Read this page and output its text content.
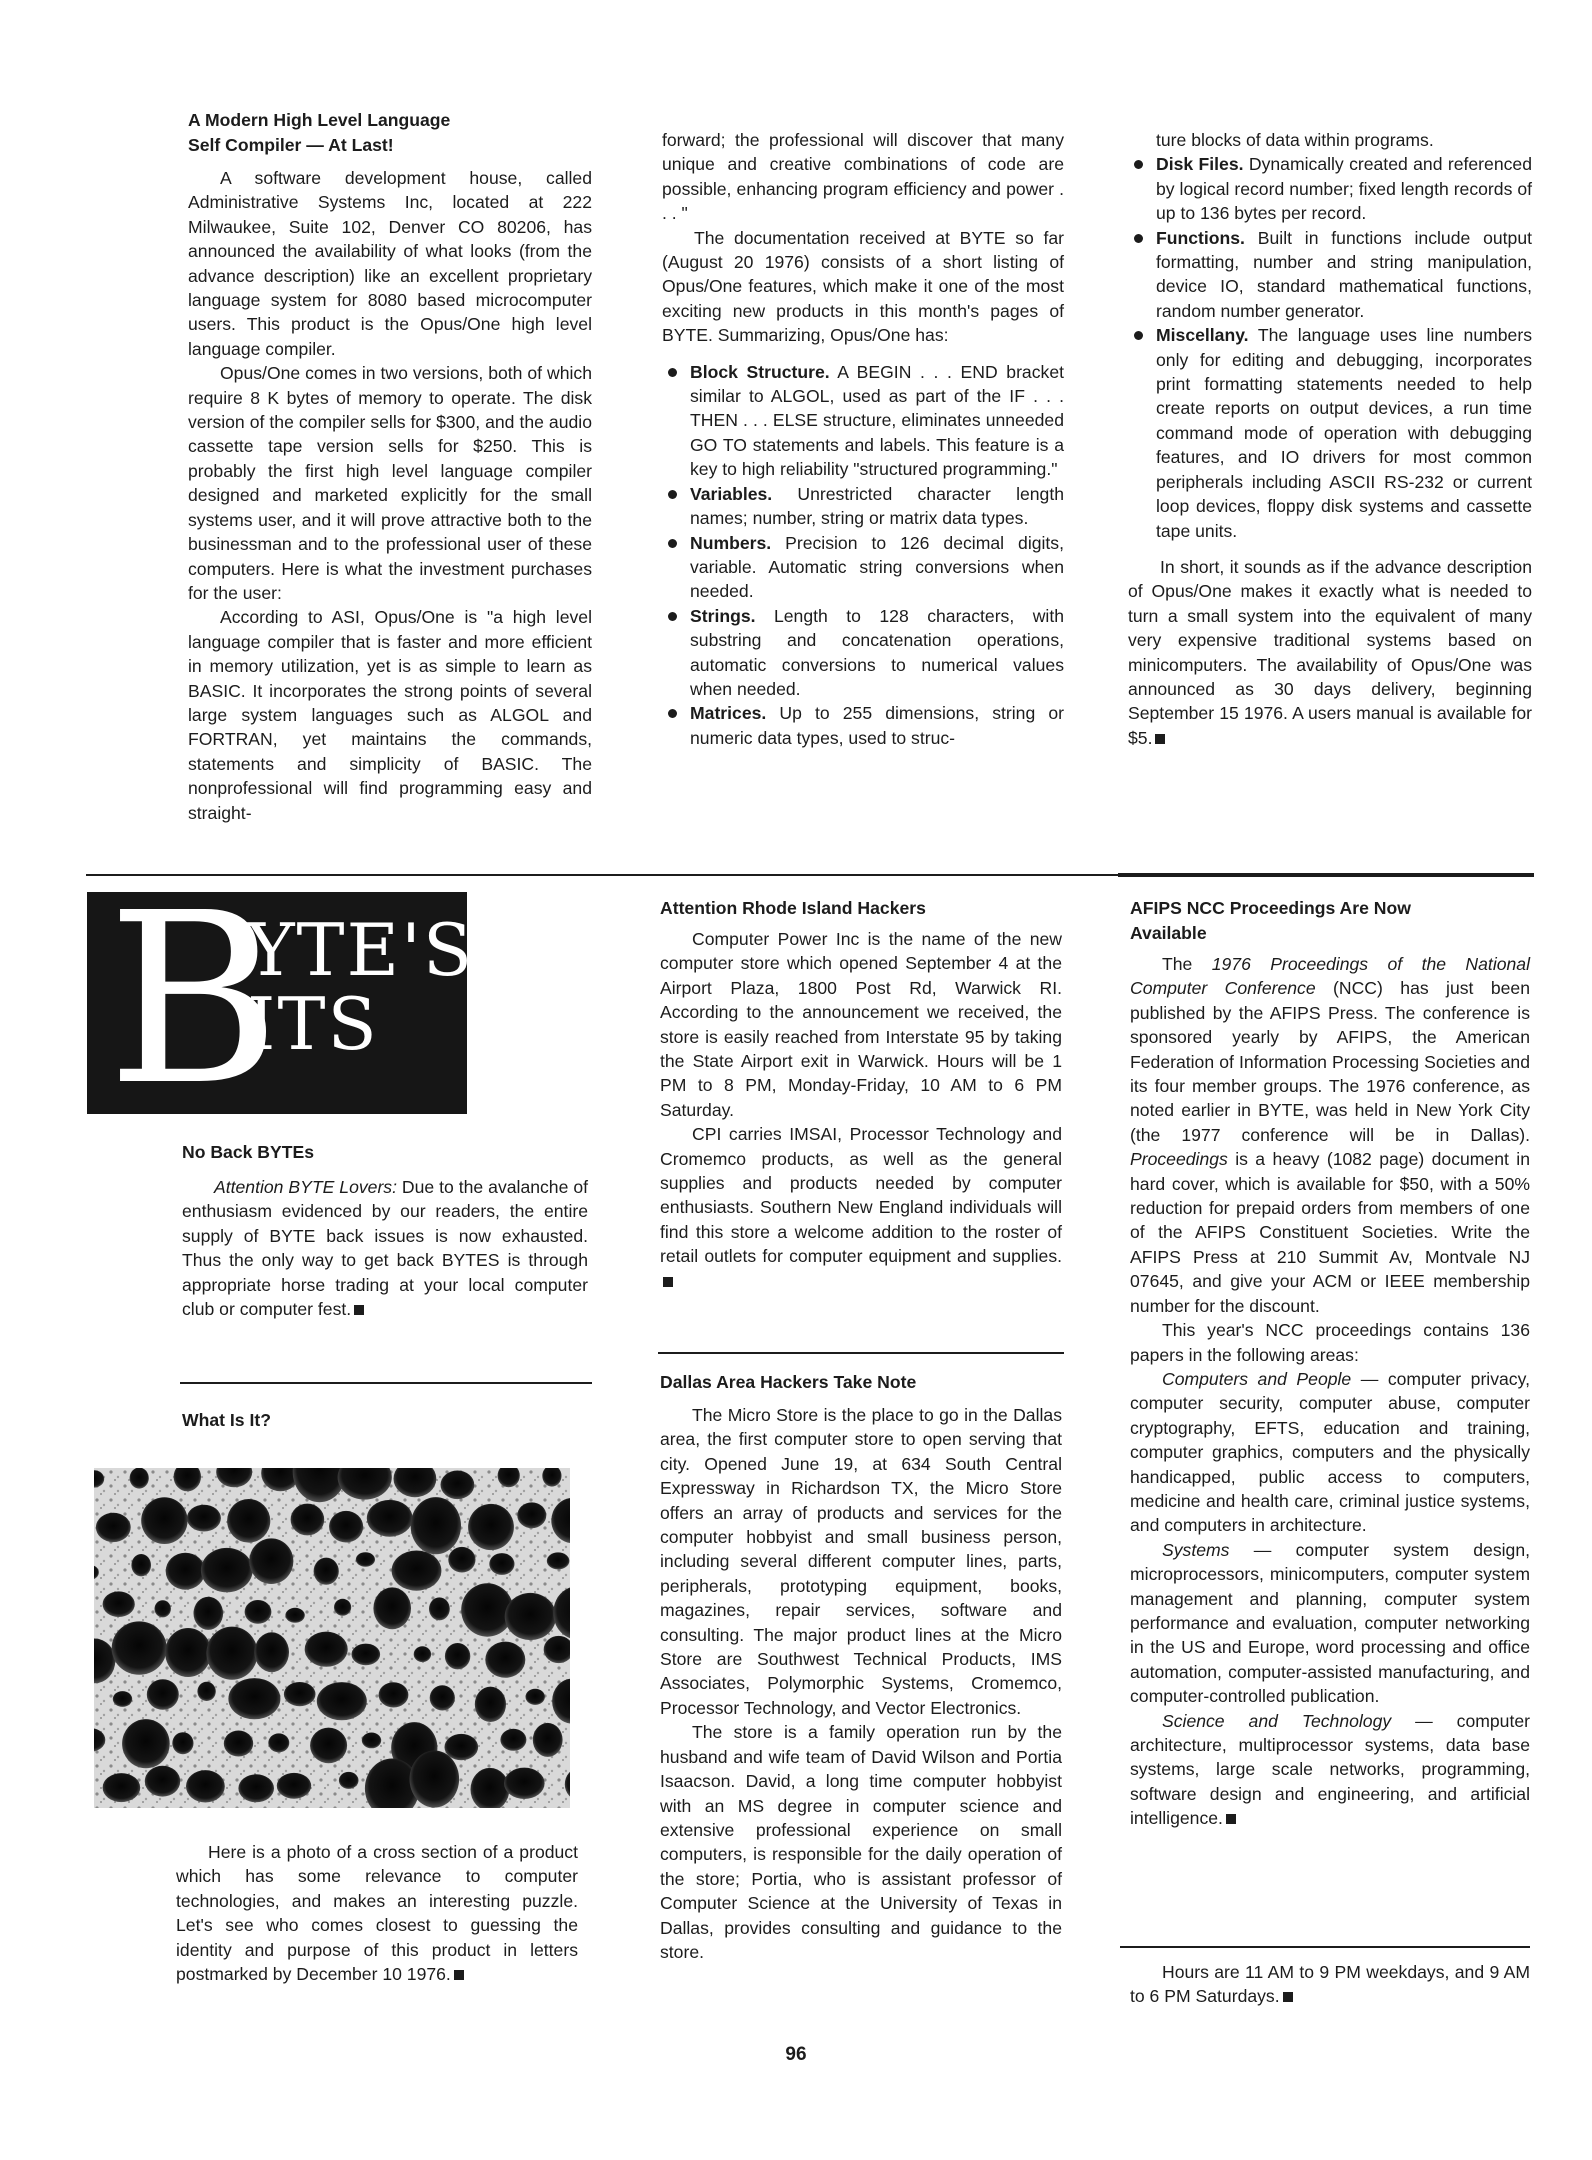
A Modern High Level Language
Self Compiler — At Last!

A software development house, called Administrative Systems Inc, located at 222 Milwaukee, Suite 102, Denver CO 80206, has announced the availability of what looks (from the advance description) like an excellent proprietary language system for 8080 based microcomputer users. This product is the Opus/One high level language compiler.

Opus/One comes in two versions, both of which require 8 K bytes of memory to operate. The disk version of the compiler sells for $300, and the audio cassette tape version sells for $250. This is probably the first high level language compiler designed and marketed explicitly for the small systems user, and it will prove attractive both to the businessman and to the professional user of these computers. Here is what the investment purchases for the user:

According to ASI, Opus/One is "a high level language compiler that is faster and more efficient in memory utilization, yet is as simple to learn as BASIC. It incorporates the strong points of several large system languages such as ALGOL and FORTRAN, yet maintains the commands, statements and simplicity of BASIC. The nonprofessional will find programming easy and straight-

forward; the professional will discover that many unique and creative combinations of code are possible, enhancing program efficiency and power . . . "

The documentation received at BYTE so far (August 20 1976) consists of a short listing of Opus/One features, which make it one of the most exciting new products in this month's pages of BYTE. Summarizing, Opus/One has:

Block Structure. A BEGIN . . . END bracket similar to ALGOL, used as part of the IF . . . THEN . . . ELSE structure, eliminates unneeded GO TO statements and labels. This feature is a key to high reliability "structured programming."
Variables. Unrestricted character length names; number, string or matrix data types.
Numbers. Precision to 126 decimal digits, variable. Automatic string conversions when needed.
Strings. Length to 128 characters, with substring and concatenation operations, automatic conversions to numerical values when needed.
Matrices. Up to 255 dimensions, string or numeric data types, used to struc-

ture blocks of data within programs.

Disk Files. Dynamically created and referenced by logical record number; fixed length records of up to 136 bytes per record.
Functions. Built in functions include output formatting, number and string manipulation, device IO, standard mathematical functions, random number generator.
Miscellany. The language uses line numbers only for editing and debugging, incorporates print formatting statements needed to help create reports on output devices, a run time command mode of operation with debugging features, and IO drivers for most common peripherals including ASCII RS-232 or current loop devices, floppy disk systems and cassette tape units.

In short, it sounds as if the advance description of Opus/One makes it exactly what is needed to turn a small system into the equivalent of many very expensive traditional systems based on minicomputers. The availability of Opus/One was announced as 30 days delivery, beginning September 15 1976. A users manual is available for $5.

B
YTE'S
ITS
No Back BYTEs

Attention BYTE Lovers: Due to the avalanche of enthusiasm evidenced by our readers, the entire supply of BYTE back issues is now exhausted. Thus the only way to get back BYTES is through appropriate horse trading at your local computer club or computer fest.

What Is It?

Here is a photo of a cross section of a product which has some relevance to computer technologies, and makes an interesting puzzle. Let's see who comes closest to guessing the identity and purpose of this product in letters postmarked by December 10 1976.

Attention Rhode Island Hackers

Computer Power Inc is the name of the new computer store which opened September 4 at the Airport Plaza, 1800 Post Rd, Warwick RI. According to the announcement we received, the store is easily reached from Interstate 95 by taking the State Airport exit in Warwick. Hours will be 1 PM to 8 PM, Monday-Friday, 10 AM to 6 PM Saturday.

CPI carries IMSAI, Processor Technology and Cromemco products, as well as the general supplies and products needed by computer enthusiasts. Southern New England individuals will find this store a welcome addition to the roster of retail outlets for computer equipment and supplies.

Dallas Area Hackers Take Note

The Micro Store is the place to go in the Dallas area, the first computer store to open serving that city. Opened June 19, at 634 South Central Expressway in Richardson TX, the Micro Store offers an array of products and services for the computer hobbyist and small business person, including several different computer lines, parts, peripherals, prototyping equipment, books, magazines, repair services, software and consulting. The major product lines at the Micro Store are Southwest Technical Products, IMS Associates, Polymorphic Systems, Cromemco, Processor Technology, and Vector Electronics.

The store is a family operation run by the husband and wife team of David Wilson and Portia Isaacson. David, a long time computer hobbyist with an MS degree in computer science and extensive professional experience on small computers, is responsible for the daily operation of the store; Portia, who is assistant professor of Computer Science at the University of Texas in Dallas, provides consulting and guidance to the store.

AFIPS NCC Proceedings Are Now
Available

The 1976 Proceedings of the National Computer Conference (NCC) has just been published by the AFIPS Press. The conference is sponsored yearly by AFIPS, the American Federation of Information Processing Societies and its four member groups. The 1976 conference, as noted earlier in BYTE, was held in New York City (the 1977 conference will be in Dallas). Proceedings is a heavy (1082 page) document in hard cover, which is available for $50, with a 50% reduction for prepaid orders from members of one of the AFIPS Constituent Societies. Write the AFIPS Press at 210 Summit Av, Montvale NJ 07645, and give your ACM or IEEE membership number for the discount.

This year's NCC proceedings contains 136 papers in the following areas:

Computers and People — computer privacy, computer security, computer abuse, computer cryptography, EFTS, education and training, computer graphics, computers and the physically handicapped, public access to computers, medicine and health care, criminal justice systems, and computers in architecture.

Systems — computer system design, microprocessors, minicomputers, computer system management and planning, computer system performance and evaluation, computer networking in the US and Europe, word processing and office automation, computer-assisted manufacturing, and computer-controlled publication.

Science and Technology — computer architecture, multiprocessor systems, data base systems, large scale networks, programming, software design and engineering, and artificial intelligence.

Hours are 11 AM to 9 PM weekdays, and 9 AM to 6 PM Saturdays.

96
